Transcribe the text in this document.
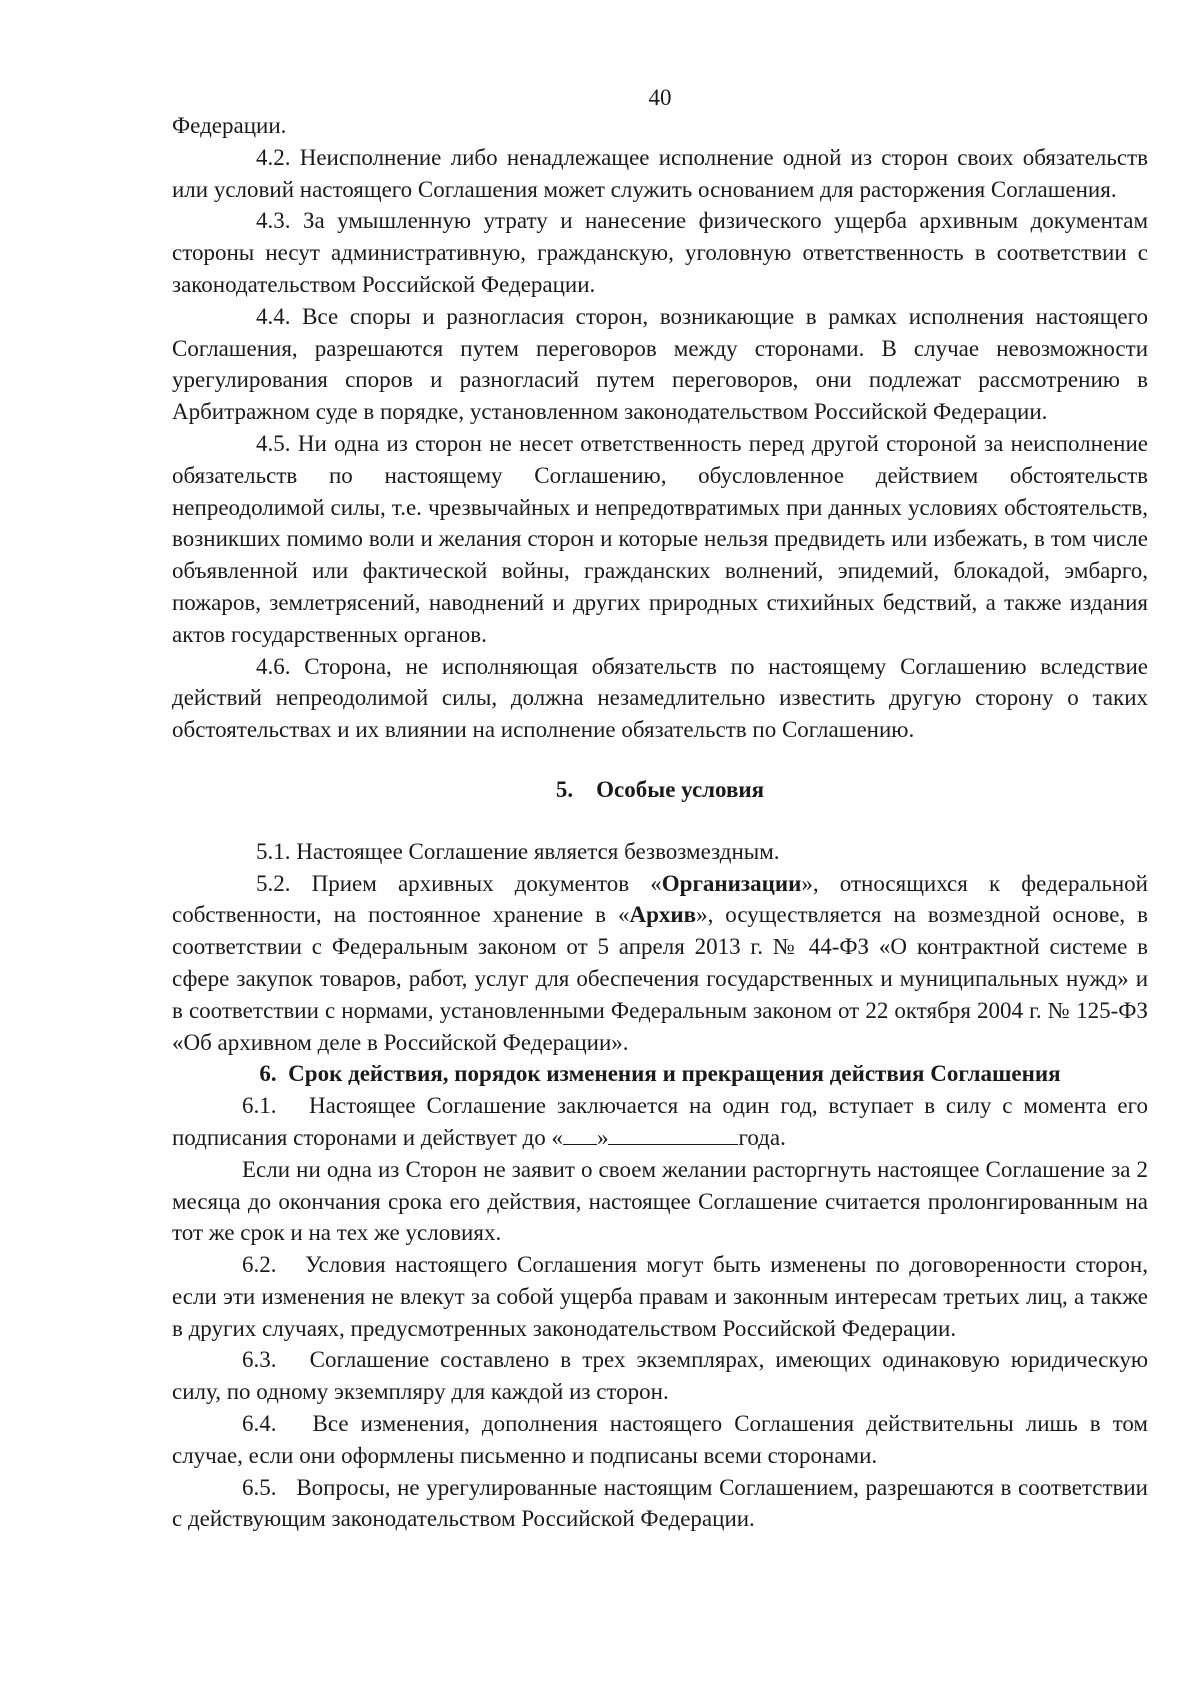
40

Федерации.

4.2. Неисполнение либо ненадлежащее исполнение одной из сторон своих обязательств или условий настоящего Соглашения может служить основанием для расторжения Соглашения.

4.3. За умышленную утрату и нанесение физического ущерба архивным документам стороны несут административную, гражданскую, уголовную ответственность в соответствии с законодательством Российской Федерации.

4.4. Все споры и разногласия сторон, возникающие в рамках исполнения настоящего Соглашения, разрешаются путем переговоров между сторонами. В случае невозможности урегулирования споров и разногласий путем переговоров, они подлежат рассмотрению в Арбитражном суде в порядке, установленном законодательством Российской Федерации.

4.5. Ни одна из сторон не несет ответственность перед другой стороной за неисполнение обязательств по настоящему Соглашению, обусловленное действием обстоятельств непреодолимой силы, т.е. чрезвычайных и непредотвратимых при данных условиях обстоятельств, возникших помимо воли и желания сторон и которые нельзя предвидеть или избежать, в том числе объявленной или фактической войны, гражданских волнений, эпидемий, блокадой, эмбарго, пожаров, землетрясений, наводнений и других природных стихийных бедствий, а также издания актов государственных органов.

4.6. Сторона, не исполняющая обязательств по настоящему Соглашению вследствие действий непреодолимой силы, должна незамедлительно известить другую сторону о таких обстоятельствах и их влиянии на исполнение обязательств по Соглашению.

5.    Особые условия

5.1. Настоящее Соглашение является безвозмездным.

5.2. Прием архивных документов «Организации», относящихся к федеральной собственности, на постоянное хранение в «Архив», осуществляется на возмездной основе, в соответствии с Федеральным законом от 5 апреля 2013 г. № 44-ФЗ «О контрактной системе в сфере закупок товаров, работ, услуг для обеспечения государственных и муниципальных нужд» и в соответствии с нормами, установленными Федеральным законом от 22 октября 2004 г. № 125-ФЗ «Об архивном деле в Российской Федерации».

6.  Срок действия, порядок изменения и прекращения действия Соглашения

6.1.   Настоящее Соглашение заключается на один год, вступает в силу с момента его подписания сторонами и действует до « »	года.

Если ни одна из Сторон не заявит о своем желании расторгнуть настоящее Соглашение за 2 месяца до окончания срока его действия, настоящее Соглашение считается пролонгированным на тот же срок и на тех же условиях.

6.2.   Условия настоящего Соглашения могут быть изменены по договоренности сторон, если эти изменения не влекут за собой ущерба правам и законным интересам третьих лиц, а также в других случаях, предусмотренных законодательством Российской Федерации.

6.3.   Соглашение составлено в трех экземплярах, имеющих одинаковую юридическую силу, по одному экземпляру для каждой из сторон.

6.4.   Все изменения, дополнения настоящего Соглашения действительны лишь в том случае, если они оформлены письменно и подписаны всеми сторонами.

6.5.   Вопросы, не урегулированные настоящим Соглашением, разрешаются в соответствии с действующим законодательством Российской Федерации.
